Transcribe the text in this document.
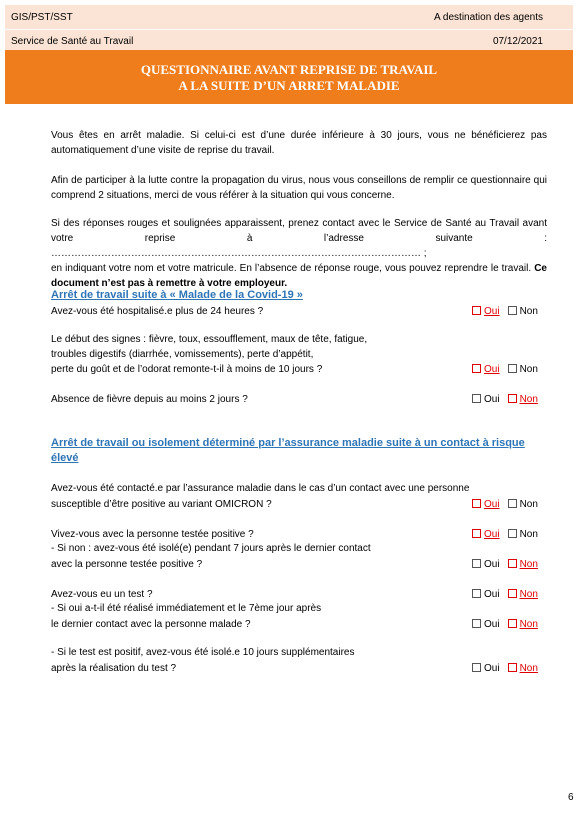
GIS/PST/SST	A destination des agents
Service de Santé au Travail	07/12/2021
QUESTIONNAIRE AVANT REPRISE DE TRAVAIL
A LA SUITE D’UN ARRET MALADIE
Vous êtes en arrêt maladie. Si celui-ci est d’une durée inférieure à 30 jours, vous ne bénéficierez pas automatiquement d’une visite de reprise du travail.
Afin de participer à la lutte contre la propagation du virus, nous vous conseillons de remplir ce questionnaire qui comprend 2 situations, merci de vous référer à la situation qui vous concerne.
Si des réponses rouges et soulignées apparaissent, prenez contact avec le Service de Santé au Travail avant votre reprise à l’adresse suivante : ………………………………………………………………………………………………… ;
en indiquant votre nom et votre matricule. En l’absence de réponse rouge, vous pouvez reprendre le travail. Ce document n’est pas à remettre à votre employeur.
Arrêt de travail suite à « Malade de la Covid-19 »
Avez-vous été hospitalisé.e plus de 24 heures ?	Oui Non
Le début des signes : fièvre, toux, essoufflement, maux de tête, fatigue,
troubles digestifs (diarrhée, vomissements), perte d’appétit,
perte du goût et de l’odorat remonte-t-il à moins de 10 jours ?	Oui Non
Absence de fièvre depuis au moins 2 jours ?	Oui Non
Arrêt de travail ou isolement déterminé par l’assurance maladie suite à un contact à risque
élevé
Avez-vous été contacté.e par l’assurance maladie dans le cas d’un contact avec une personne
susceptible d’être positive au variant OMICRON ?	Oui Non
Vivez-vous avec la personne testée positive ?	Oui Non
- Si non : avez-vous été isolé(e) pendant 7 jours après le dernier contact
avec la personne testée positive ?	Oui Non
Avez-vous eu un test ?	Oui Non
- Si oui a-t-il été réalisé immédiatement et le 7ème jour après
le dernier contact avec la personne malade ?	Oui Non
- Si le test est positif, avez-vous été isolé.e 10 jours supplémentaires
après la réalisation du test ?	Oui Non
6
